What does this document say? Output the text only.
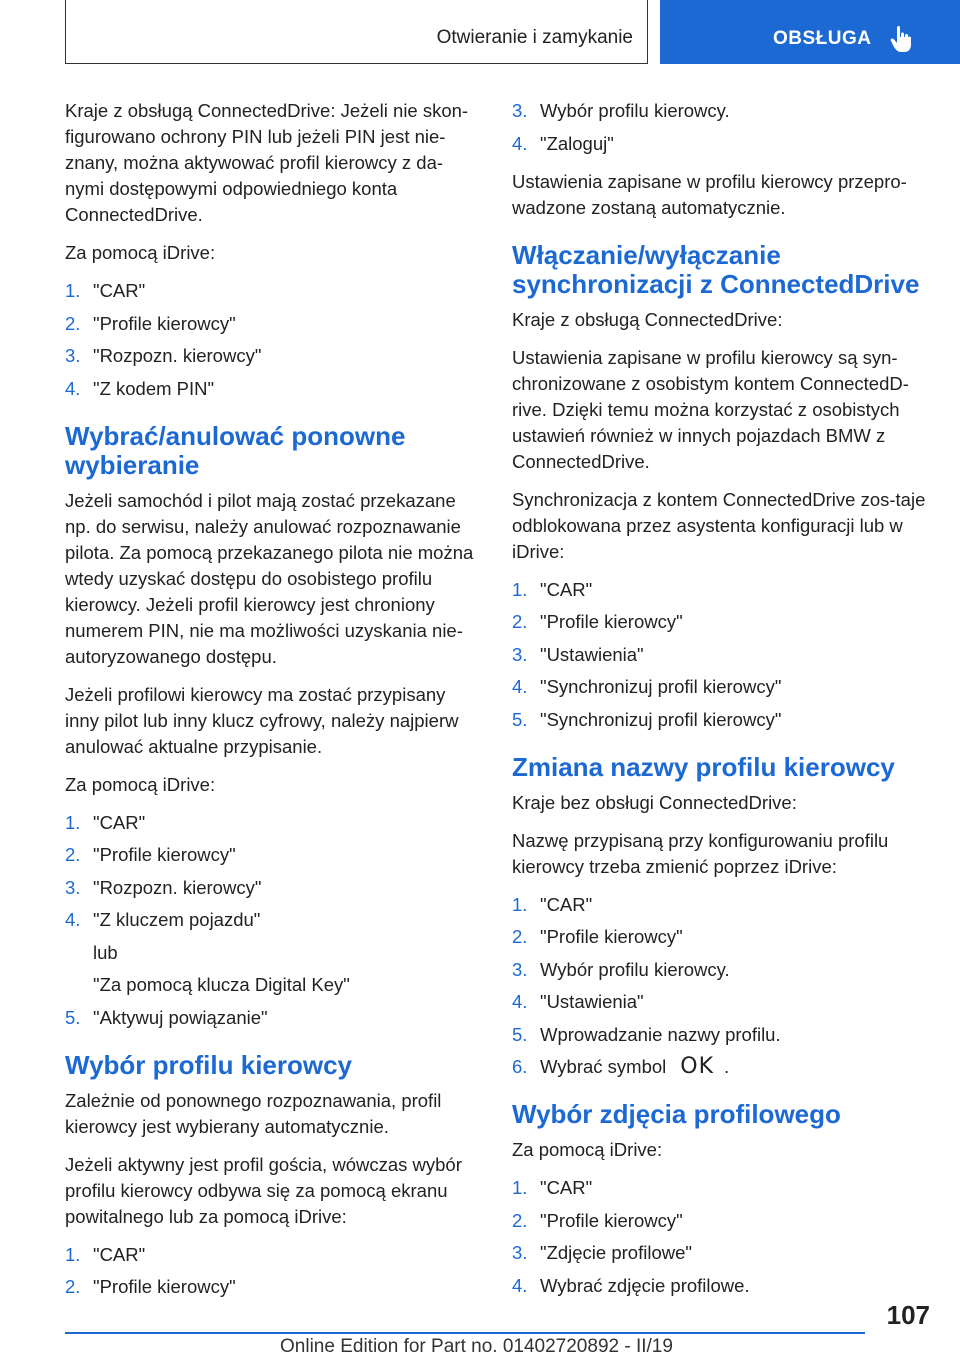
Otwieranie i zamykanie	OBSŁUGA

Kraje z obsługą ConnectedDrive: Jeżeli nie skon-figurowano ochrony PIN lub jeżeli PIN jest nie-znany, można aktywować profil kierowcy z da-nymi dostępowymi odpowiedniego konta ConnectedDrive.

Za pomocą iDrive:

1. "CAR"
2. "Profile kierowcy"
3. "Rozpozn. kierowcy"
4. "Z kodem PIN"
Wybrać/anulować ponowne wybieranie

Jeżeli samochód i pilot mają zostać przekazane np. do serwisu, należy anulować rozpoznawanie pilota. Za pomocą przekazanego pilota nie można wtedy uzyskać dostępu do osobistego profilu kierowcy. Jeżeli profil kierowcy jest chroniony numerem PIN, nie ma możliwości uzyskania nie-autoryzowanego dostępu.

Jeżeli profilowi kierowcy ma zostać przypisany inny pilot lub inny klucz cyfrowy, należy najpierw anulować aktualne przypisanie.

Za pomocą iDrive:

1. "CAR"
2. "Profile kierowcy"
3. "Rozpozn. kierowcy"
4. "Z kluczem pojazdu"
lub
"Za pomocą klucza Digital Key"
5. "Aktywuj powiązanie"
Wybór profilu kierowcy

Zależnie od ponownego rozpoznawania, profil kierowcy jest wybierany automatycznie.

Jeżeli aktywny jest profil gościa, wówczas wybór profilu kierowcy odbywa się za pomocą ekranu powitalnego lub za pomocą iDrive:

1. "CAR"
2. "Profile kierowcy"
3. Wybór profilu kierowcy.
4. "Zaloguj"

Ustawienia zapisane w profilu kierowcy przepro-wadzone zostaną automatycznie.

Włączanie/wyłączanie synchronizacji z ConnectedDrive

Kraje z obsługą ConnectedDrive:

Ustawienia zapisane w profilu kierowcy są syn-chronizowane z osobistym kontem ConnectedD-rive. Dzięki temu można korzystać z osobistych ustawień również w innych pojazdach BMW z ConnectedDrive.

Synchronizacja z kontem ConnectedDrive zos-taje odblokowana przez asystenta konfiguracji lub w iDrive:

1. "CAR"
2. "Profile kierowcy"
3. "Ustawienia"
4. "Synchronizuj profil kierowcy"
5. "Synchronizuj profil kierowcy"
Zmiana nazwy profilu kierowcy

Kraje bez obsługi ConnectedDrive:

Nazwę przypisaną przy konfigurowaniu profilu kierowcy trzeba zmienić poprzez iDrive:

1. "CAR"
2. "Profile kierowcy"
3. Wybór profilu kierowcy.
4. "Ustawienia"
5. Wprowadzanie nazwy profilu.
6. Wybrać symbol OK .
Wybór zdjęcia profilowego

Za pomocą iDrive:

1. "CAR"
2. "Profile kierowcy"
3. "Zdjęcie profilowe"
4. Wybrać zdjęcie profilowe.
107
Online Edition for Part no. 01402720892 - II/19
